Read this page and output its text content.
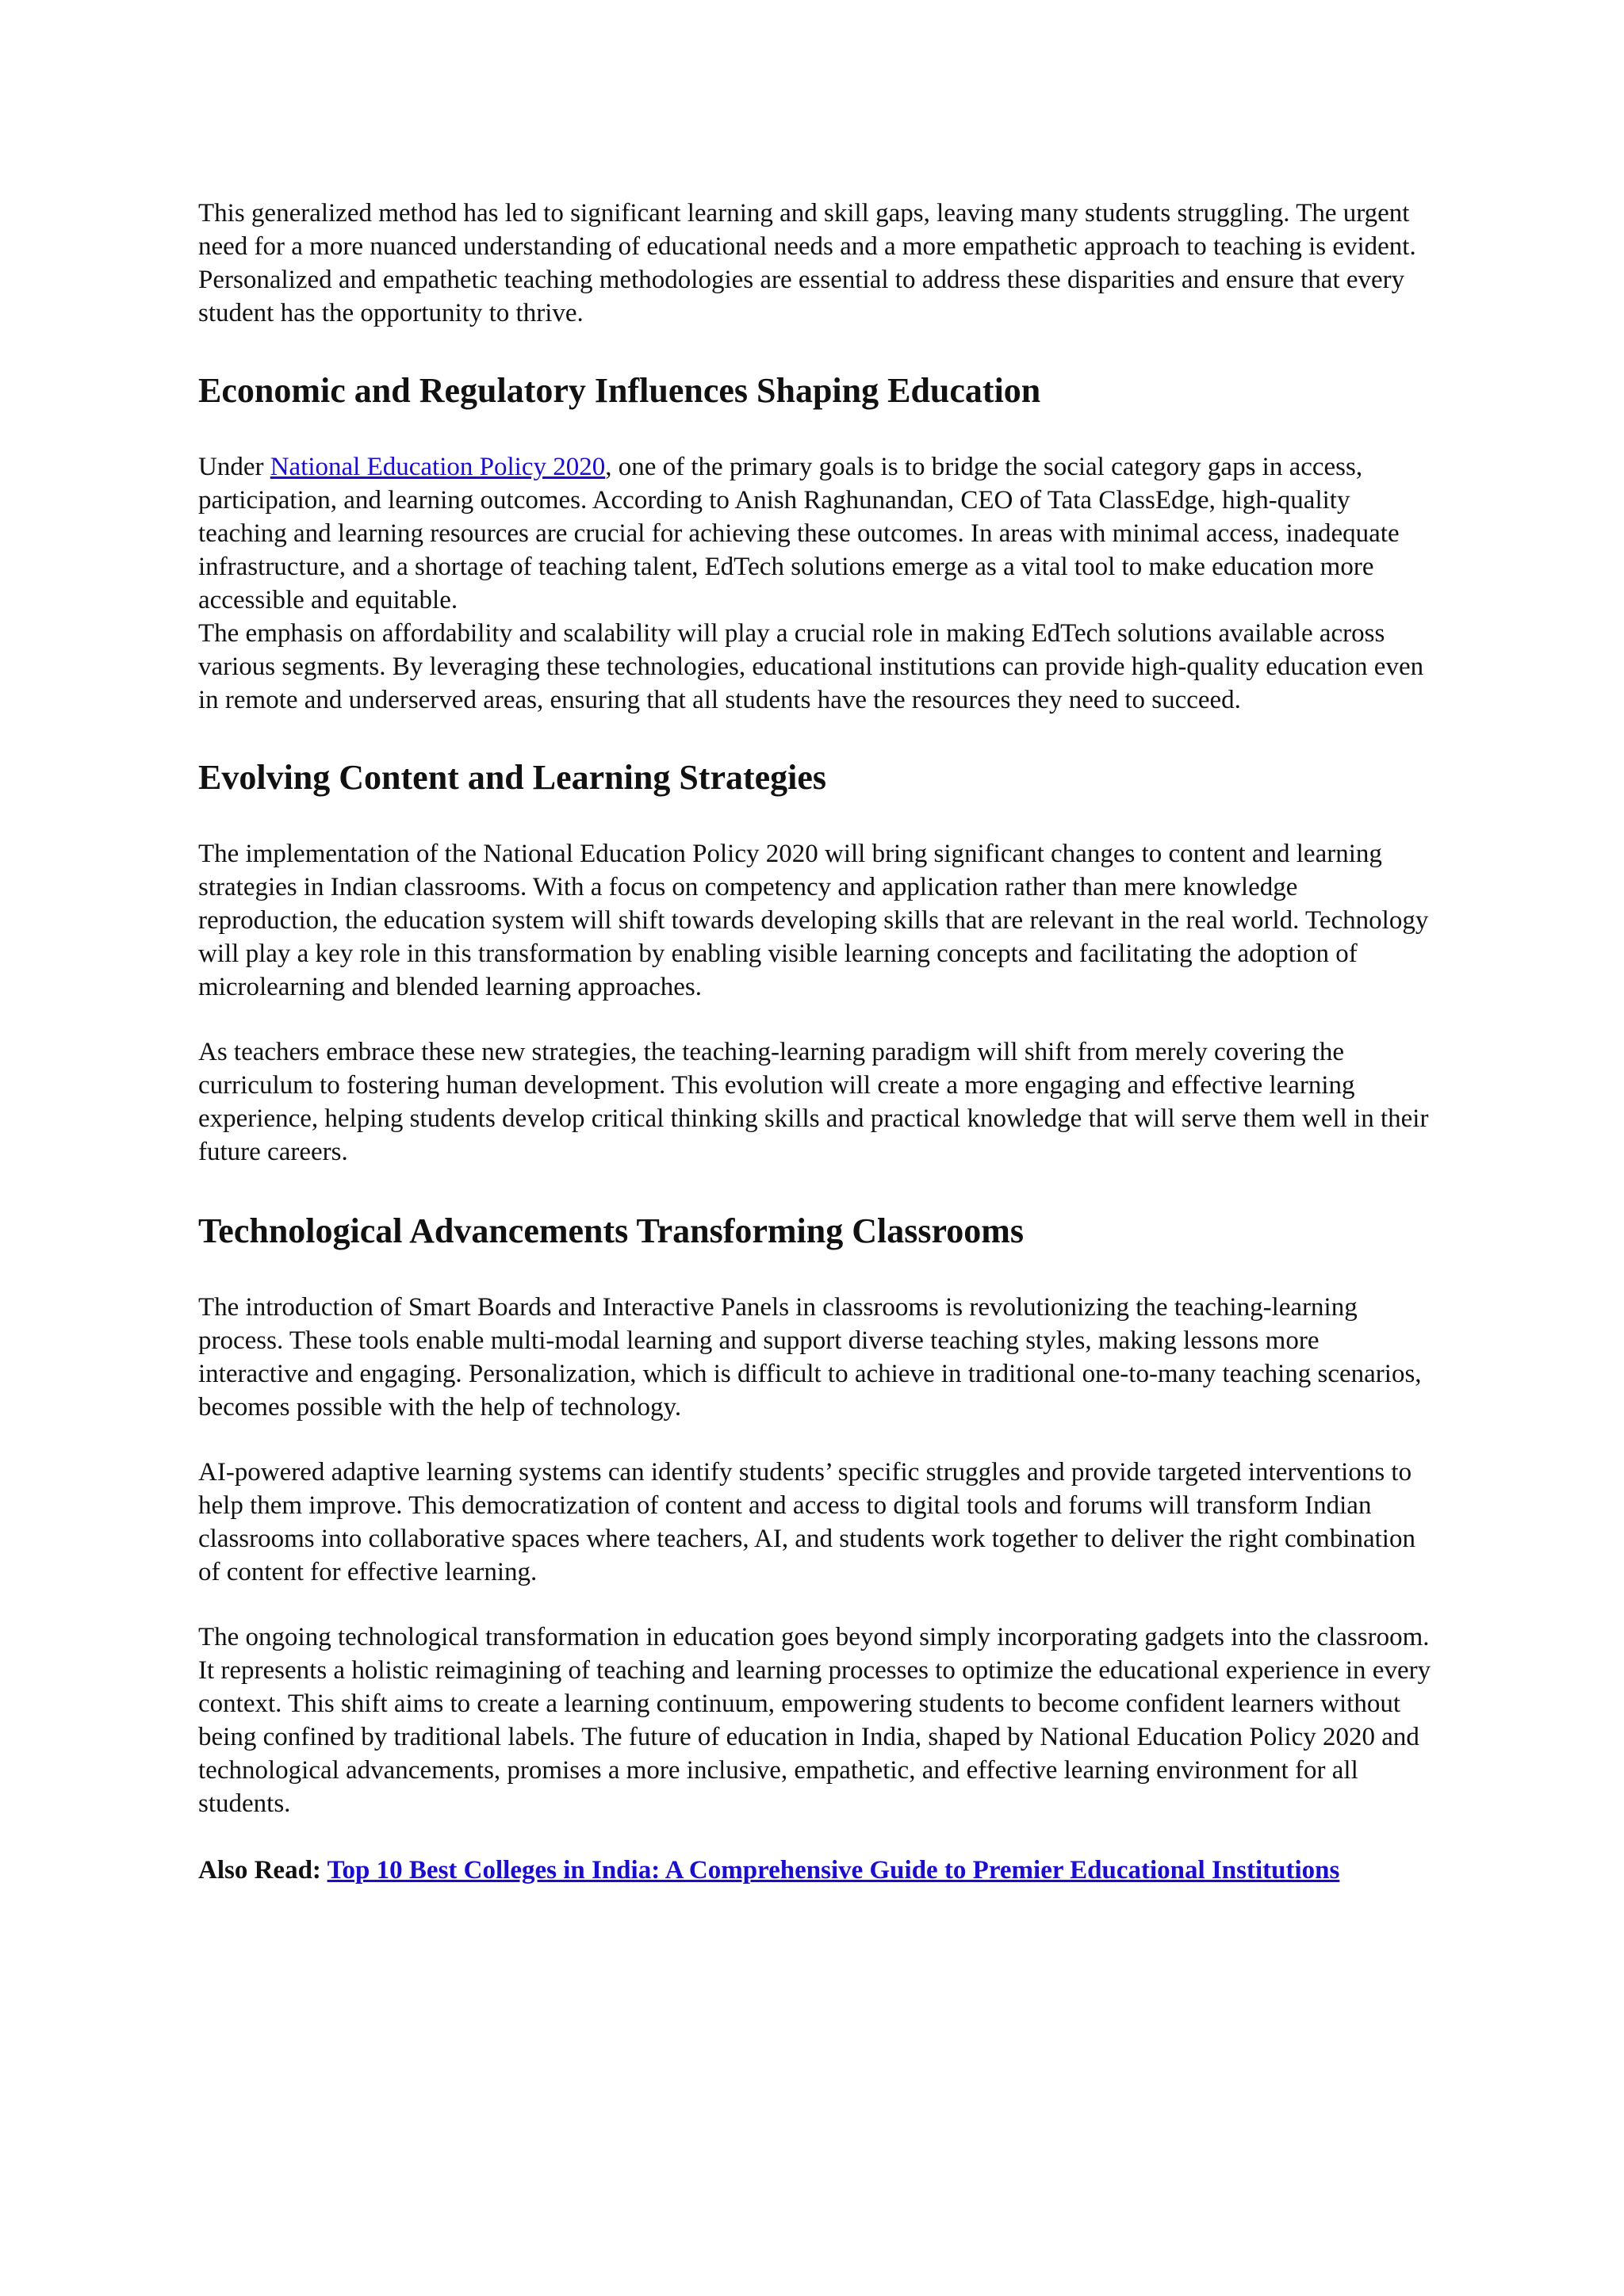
This generalized method has led to significant learning and skill gaps, leaving many students struggling. The urgent need for a more nuanced understanding of educational needs and a more empathetic approach to teaching is evident. Personalized and empathetic teaching methodologies are essential to address these disparities and ensure that every student has the opportunity to thrive.

Economic and Regulatory Influences Shaping Education

Under National Education Policy 2020, one of the primary goals is to bridge the social category gaps in access, participation, and learning outcomes. According to Anish Raghunandan, CEO of Tata ClassEdge, high-quality teaching and learning resources are crucial for achieving these outcomes. In areas with minimal access, inadequate infrastructure, and a shortage of teaching talent, EdTech solutions emerge as a vital tool to make education more accessible and equitable.

The emphasis on affordability and scalability will play a crucial role in making EdTech solutions available across various segments. By leveraging these technologies, educational institutions can provide high-quality education even in remote and underserved areas, ensuring that all students have the resources they need to succeed.

Evolving Content and Learning Strategies

The implementation of the National Education Policy 2020 will bring significant changes to content and learning strategies in Indian classrooms. With a focus on competency and application rather than mere knowledge reproduction, the education system will shift towards developing skills that are relevant in the real world. Technology will play a key role in this transformation by enabling visible learning concepts and facilitating the adoption of microlearning and blended learning approaches.

As teachers embrace these new strategies, the teaching-learning paradigm will shift from merely covering the curriculum to fostering human development. This evolution will create a more engaging and effective learning experience, helping students develop critical thinking skills and practical knowledge that will serve them well in their future careers.

Technological Advancements Transforming Classrooms

The introduction of Smart Boards and Interactive Panels in classrooms is revolutionizing the teaching-learning process. These tools enable multi-modal learning and support diverse teaching styles, making lessons more interactive and engaging. Personalization, which is difficult to achieve in traditional one-to-many teaching scenarios, becomes possible with the help of technology.

AI-powered adaptive learning systems can identify students’ specific struggles and provide targeted interventions to help them improve. This democratization of content and access to digital tools and forums will transform Indian classrooms into collaborative spaces where teachers, AI, and students work together to deliver the right combination of content for effective learning.

The ongoing technological transformation in education goes beyond simply incorporating gadgets into the classroom. It represents a holistic reimagining of teaching and learning processes to optimize the educational experience in every context. This shift aims to create a learning continuum, empowering students to become confident learners without being confined by traditional labels. The future of education in India, shaped by National Education Policy 2020 and technological advancements, promises a more inclusive, empathetic, and effective learning environment for all students.

Also Read: Top 10 Best Colleges in India: A Comprehensive Guide to Premier Educational Institutions
